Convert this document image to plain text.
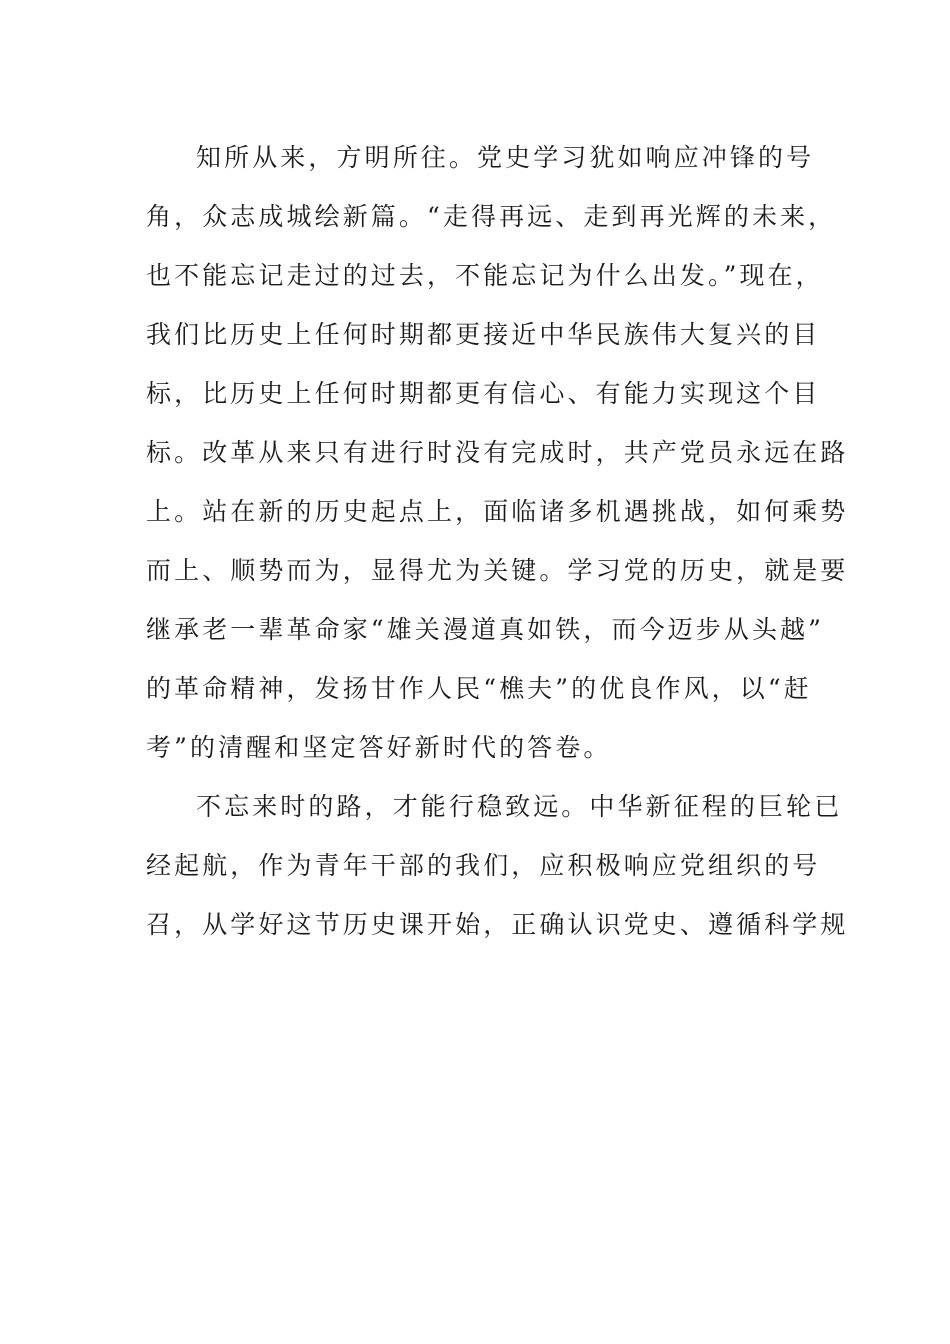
知所从来，方明所往。党史学习犹如响应冲锋的号
角，众志成城绘新篇。“走得再远、走到再光辉的未来，
也不能忘记走过的过去，不能忘记为什么出发。”现在，
我们比历史上任何时期都更接近中华民族伟大复兴的目
标，比历史上任何时期都更有信心、有能力实现这个目
标。改革从来只有进行时没有完成时，共产党员永远在路
上。站在新的历史起点上，面临诸多机遇挑战，如何乘势
而上、顺势而为，显得尤为关键。学习党的历史，就是要
继承老一辈革命家“雄关漫道真如铁，而今迈步从头越”
的革命精神，发扬甘作人民“樵夫”的优良作风，以“赶
考”的清醒和坚定答好新时代的答卷。
不忘来时的路，才能行稳致远。中华新征程的巨轮已
经起航，作为青年干部的我们，应积极响应党组织的号
召，从学好这节历史课开始，正确认识党史、遵循科学规
